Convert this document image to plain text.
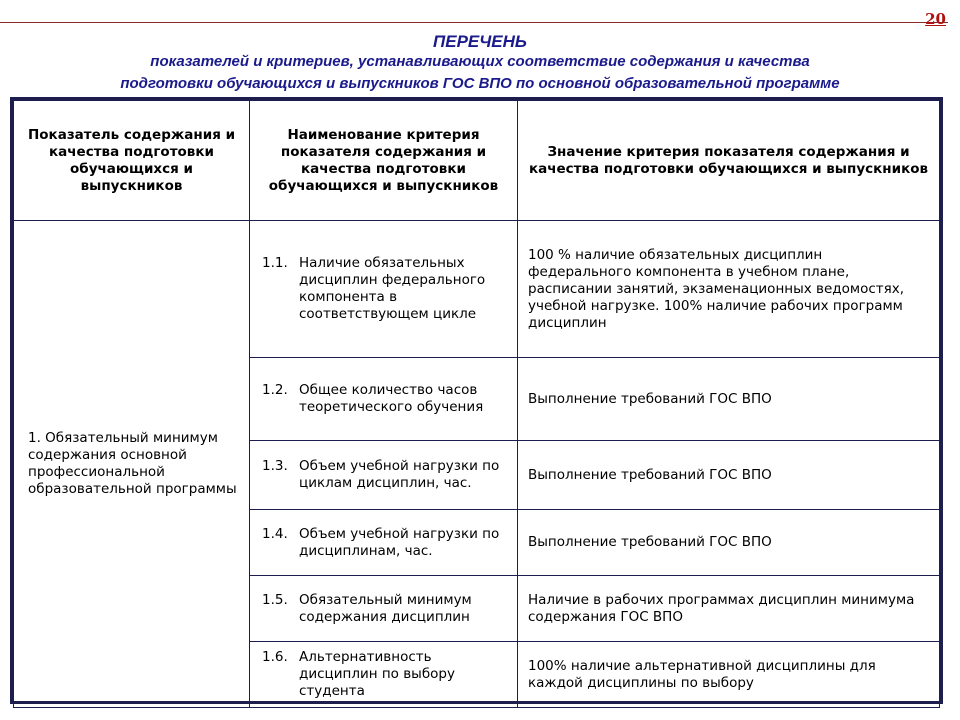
20
ПЕРЕЧЕНЬ
показателей и критериев, устанавливающих соответствие содержания и качества
подготовки обучающихся и выпускников ГОС ВПО по основной образовательной программе
Показатель содержания и качества подготовки обучающихся и выпускников	Наименование критерия показателя содержания и качества подготовки обучающихся и выпускников	Значение критерия показателя содержания и качества подготовки обучающихся и выпускников
1. Обязательный минимум содержания основной профессиональной образовательной программы	1.1. Наличие обязательных дисциплин федерального компонента в соответствующем цикле	100 % наличие обязательных дисциплин федерального компонента в учебном плане, расписании занятий, экзаменационных ведомостях, учебной нагрузке. 100% наличие рабочих программ дисциплин

	1.2. Общее количество часов теоретического обучения	Выполнение требований ГОС ВПО

	1.3. Объем учебной нагрузки по циклам дисциплин, час.	Выполнение требований ГОС ВПО

	1.4. Объем учебной нагрузки по дисциплинам, час.	Выполнение требований ГОС ВПО

	1.5. Обязательный минимум содержания дисциплин	Наличие в рабочих программах дисциплин минимума содержания ГОС ВПО

	1.6. Альтернативность дисциплин по выбору студента	100% наличие альтернативной дисциплины для каждой дисциплины по выбору
